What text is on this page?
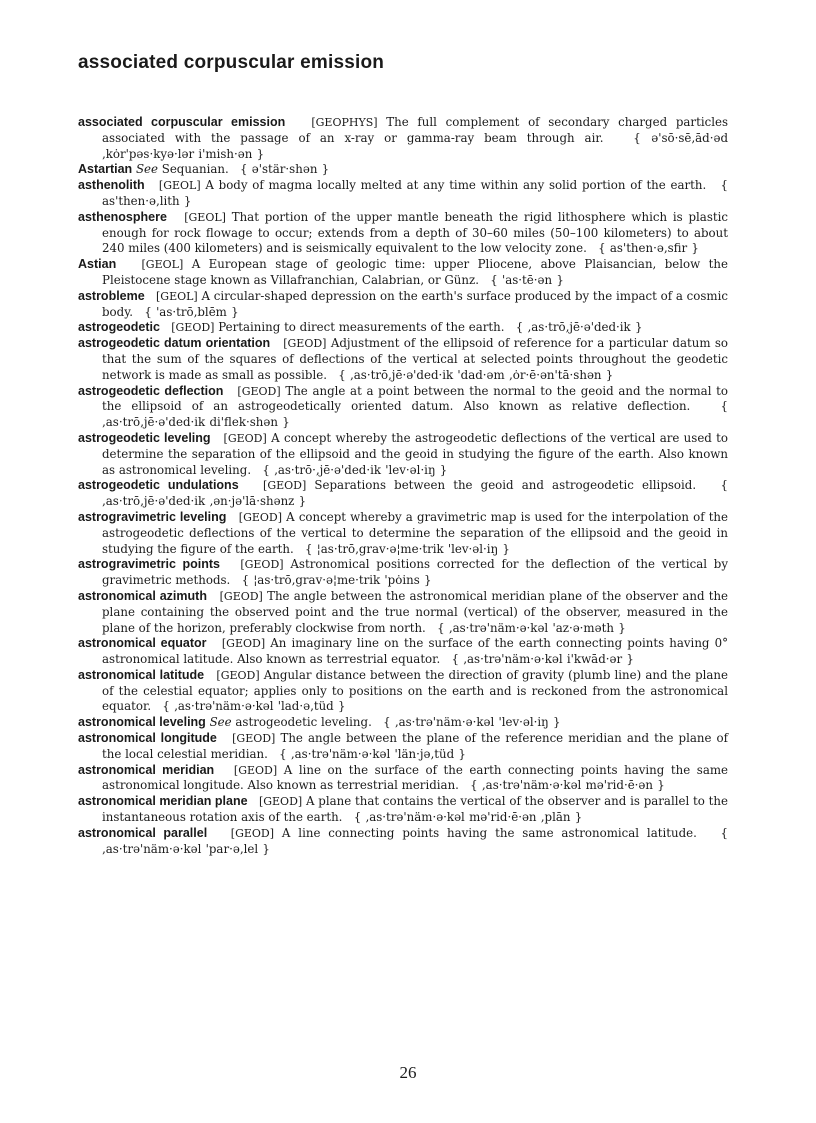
associated corpuscular emission

associated corpuscular emission [GEOPHYS] The full complement of secondary charged particles associated with the passage of an x-ray or gamma-ray beam through air.	{ ə'sō·sē‚ād·əd ‚kȯr'pəs·kyə·lər i'mish·ən }

Astartian See Sequanian. { ə'stär·shən }

asthenolith [GEOL] A body of magma locally melted at any time within any solid portion of the earth. { as'then·ə‚lith }

asthenosphere [GEOL] That portion of the upper mantle beneath the rigid lithosphere which is plastic enough for rock flowage to occur; extends from a depth of 30–60 miles (50–100 kilometers) to about 240 miles (400 kilometers) and is seismically equivalent to the low velocity zone. { as'then·ə‚sfir }

Astian [GEOL] A European stage of geologic time: upper Pliocene, above Plaisancian, below the Pleistocene stage known as Villafranchian, Calabrian, or Günz. { 'as·tē·ən }

astrobleme [GEOL] A circular-shaped depression on the earth's surface produced by the impact of a cosmic body. { 'as·trō‚blēm }

astrogeodetic [GEOD] Pertaining to direct measurements of the earth. { ‚as·trō‚jē·ə'ded·ik }

astrogeodetic datum orientation [GEOD] Adjustment of the ellipsoid of reference for a particular datum so that the sum of the squares of deflections of the vertical at selected points throughout the geodetic network is made as small as possible. { ‚as·trō‚jē·ə'ded·ik 'dad·əm ‚ȯr·ē·ən'tā·shən }

astrogeodetic deflection [GEOD] The angle at a point between the normal to the geoid and the normal to the ellipsoid of an astrogeodetically oriented datum. Also known as relative deflection.	{ ‚as·trō‚jē·ə'ded·ik di'flek·shən }

astrogeodetic leveling [GEOD] A concept whereby the astrogeodetic deflections of the vertical are used to determine the separation of the ellipsoid and the geoid in studying the figure of the earth. Also known as astronomical leveling. { ‚as·trō·‚jē·ə'ded·ik 'lev·əl·iŋ }

astrogeodetic undulations [GEOD] Separations between the geoid and astrogeodetic ellipsoid. { ‚as·trō‚jē·ə'ded·ik ‚ən·jə'lā·shənz }

astrogravimetric leveling [GEOD] A concept whereby a gravimetric map is used for the interpolation of the astrogeodetic deflections of the vertical to determine the separation of the ellipsoid and the geoid in studying the figure of the earth. { ¦as·trō‚grav·ə¦me·trik 'lev·əl·iŋ }

astrogravimetric points [GEOD] Astronomical positions corrected for the deflection of the vertical by gravimetric methods. { ¦as·trō‚grav·ə¦me·trik 'pȯins }

astronomical azimuth [GEOD] The angle between the astronomical meridian plane of the observer and the plane containing the observed point and the true normal (vertical) of the observer, measured in the plane of the horizon, preferably clockwise from north. { ‚as·trə'näm·ə·kəl 'az·ə·məth }

astronomical equator [GEOD] An imaginary line on the surface of the earth connecting points having 0° astronomical latitude. Also known as terrestrial equator. { ‚as·trə'näm·ə·kəl i'kwād·ər }

astronomical latitude [GEOD] Angular distance between the direction of gravity (plumb line) and the plane of the celestial equator; applies only to positions on the earth and is reckoned from the astronomical equator. { ‚as·trə'näm·ə·kəl 'lad·ə‚tüd }

astronomical leveling See astrogeodetic leveling. { ‚as·trə'näm·ə·kəl 'lev·əl·iŋ }

astronomical longitude [GEOD] The angle between the plane of the reference meridian and the plane of the local celestial meridian. { ‚as·trə'näm·ə·kəl 'län·jə‚tüd }

astronomical meridian [GEOD] A line on the surface of the earth connecting points having the same astronomical longitude. Also known as terrestrial meridian. { ‚as·trə'näm·ə·kəl mə'rid·ē·ən }

astronomical meridian plane [GEOD] A plane that contains the vertical of the observer and is parallel to the instantaneous rotation axis of the earth. { ‚as·trə'näm·ə·kəl mə'rid·ē·ən ‚plān }

astronomical parallel [GEOD] A line connecting points having the same astronomical latitude. { ‚as·trə'näm·ə·kəl 'par·ə‚lel }

26
